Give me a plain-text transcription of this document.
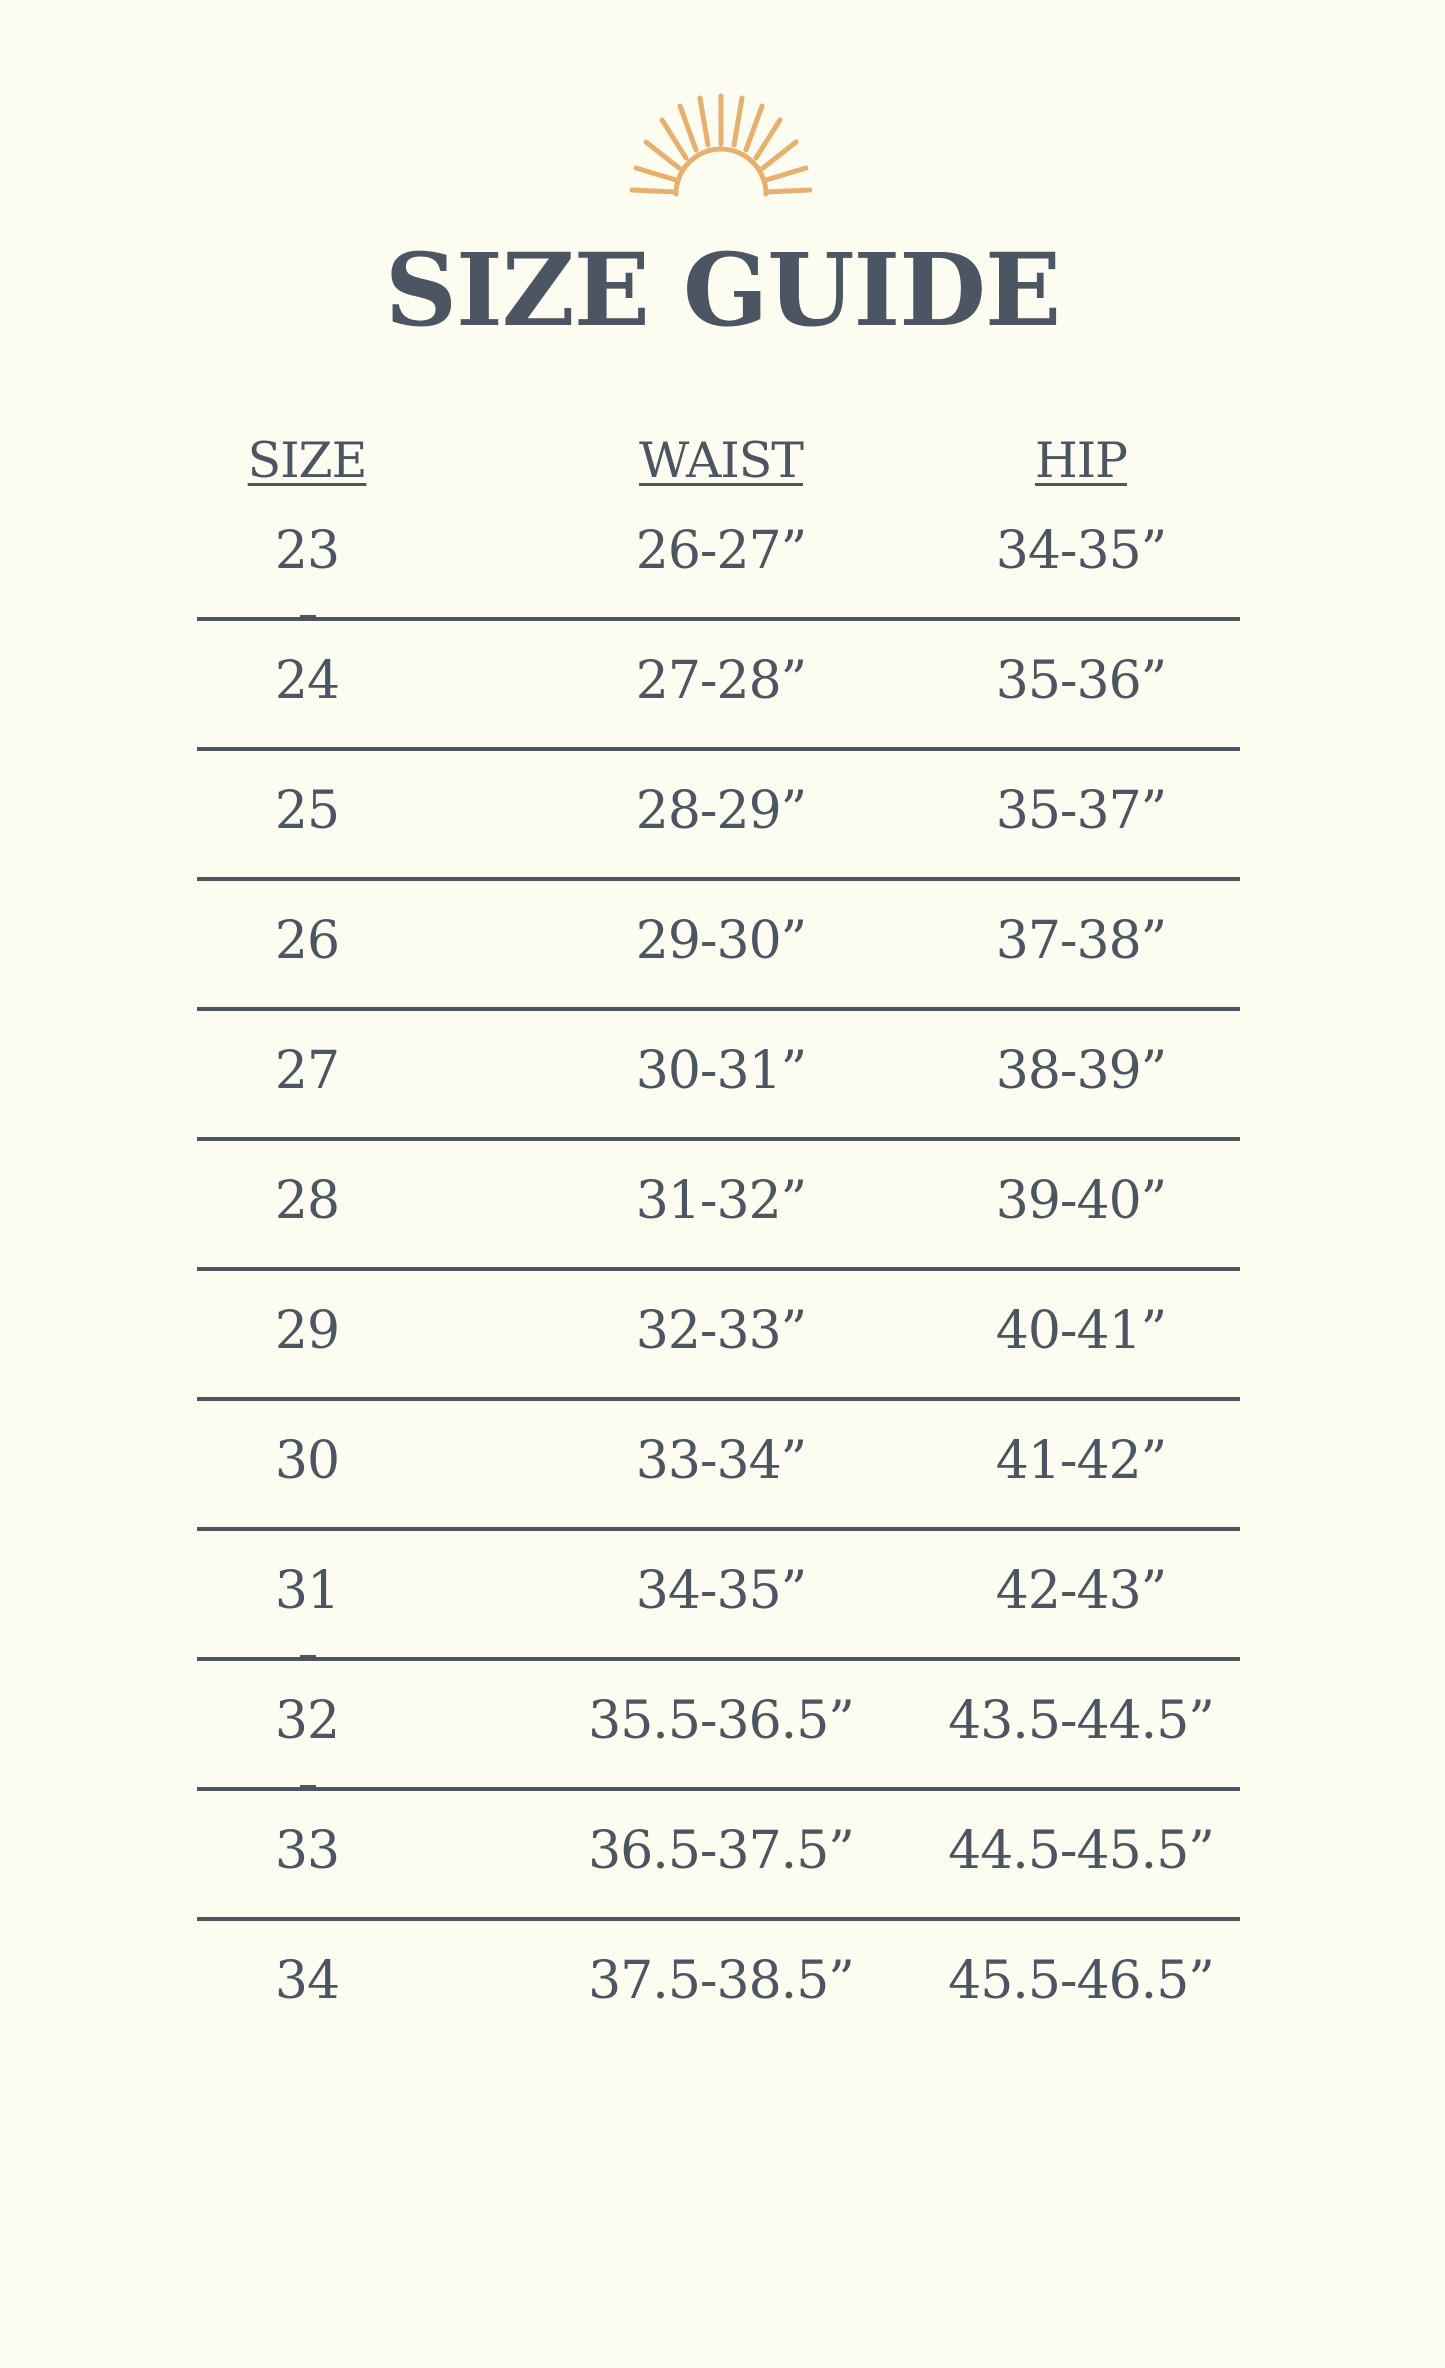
SIZE GUIDE
SIZE	WAIST	HIP
23	26-27”	34-35”
24	27-28”	35-36”
25	28-29”	35-37”
26	29-30”	37-38”
27	30-31”	38-39”
28	31-32”	39-40”
29	32-33”	40-41”
30	33-34”	41-42”
31	34-35”	42-43”
32	35.5-36.5” 43.5-44.5”
33	36.5-37.5” 44.5-45.5”
34	37.5-38.5” 45.5-46.5”
